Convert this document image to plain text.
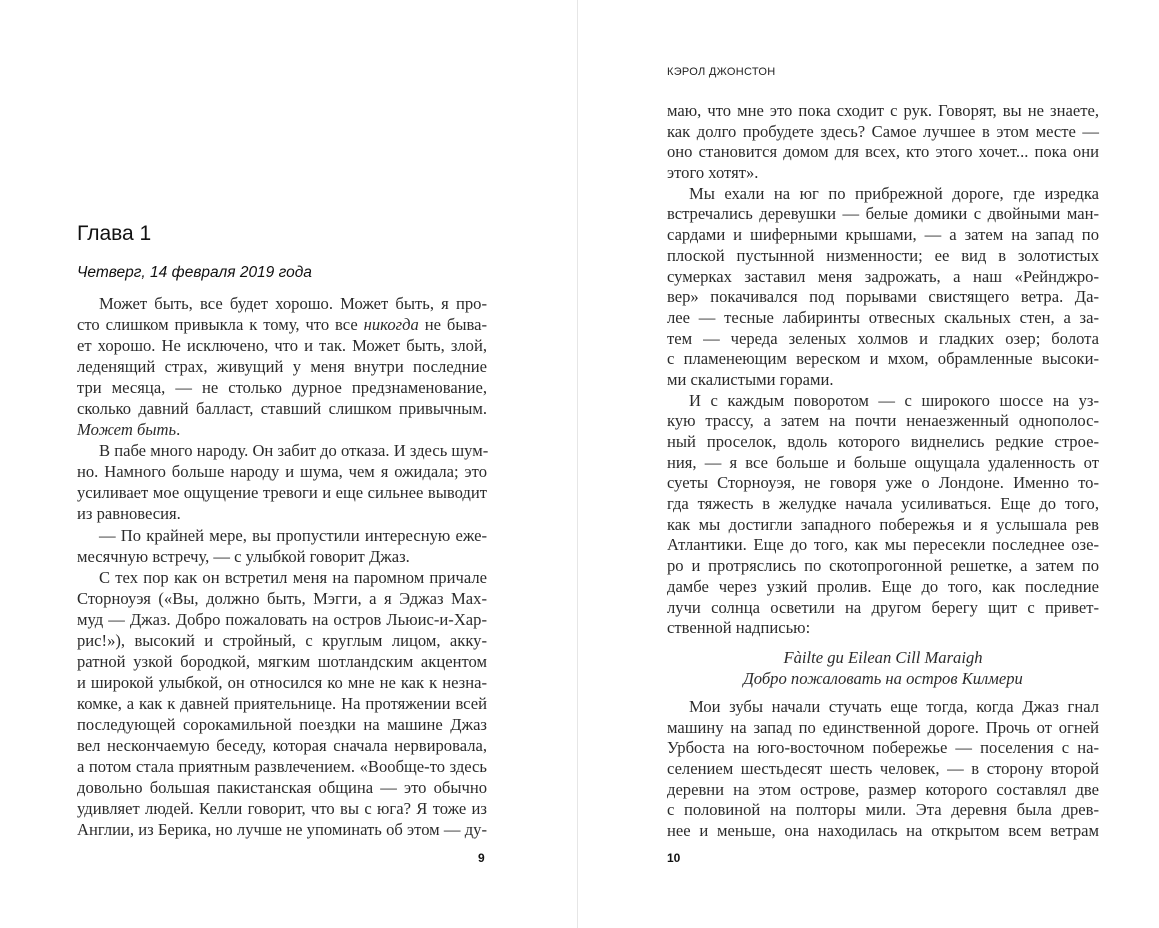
Глава 1
Четверг, 14 февраля 2019 года
Может быть, все будет хорошо. Может быть, я про-
сто слишком привыкла к тому, что все никогда не быва-
ет хорошо. Не исключено, что и так. Может быть, злой,
леденящий страх, живущий у меня внутри последние
три месяца, — не столько дурное предзнаменование,
сколько давний балласт, ставший слишком привычным.
Может быть.
В пабе много народу. Он забит до отказа. И здесь шум-
но. Намного больше народу и шума, чем я ожидала; это
усиливает мое ощущение тревоги и еще сильнее выводит
из равновесия.
— По крайней мере, вы пропустили интересную еже-
месячную встречу, — с улыбкой говорит Джаз.
С тех пор как он встретил меня на паромном причале
Сторноуэя («Вы, должно быть, Мэгги, а я Эджаз Мах-
муд — Джаз. Добро пожаловать на остров Льюис-и-Хар-
рис!»), высокий и стройный, с круглым лицом, акку-
ратной узкой бородкой, мягким шотландским акцентом
и широкой улыбкой, он относился ко мне не как к незна-
комке, а как к давней приятельнице. На протяжении всей
последующей сорокамильной поездки на машине Джаз
вел нескончаемую беседу, которая сначала нервировала,
а потом стала приятным развлечением. «Вообще-то здесь
довольно большая пакистанская община — это обычно
удивляет людей. Келли говорит, что вы с юга? Я тоже из
Англии, из Берика, но лучше не упоминать об этом — ду-
9
КЭРОЛ ДЖОНСТОН
маю, что мне это пока сходит с рук. Говорят, вы не знаете,
как долго пробудете здесь? Самое лучшее в этом месте —
оно становится домом для всех, кто этого хочет... пока они
этого хотят».
Мы ехали на юг по прибрежной дороге, где изредка
встречались деревушки — белые домики с двойными ман-
сардами и шиферными крышами, — а затем на запад по
плоской пустынной низменности; ее вид в золотистых
сумерках заставил меня задрожать, а наш «Рейнджро-
вер» покачивался под порывами свистящего ветра. Да-
лее — тесные лабиринты отвесных скальных стен, а за-
тем — череда зеленых холмов и гладких озер; болота
с пламенеющим вереском и мхом, обрамленные высоки-
ми скалистыми горами.
И с каждым поворотом — с широкого шоссе на уз-
кую трассу, а затем на почти ненаезженный однополос-
ный проселок, вдоль которого виднелись редкие строе-
ния, — я все больше и больше ощущала удаленность от
суеты Сторноуэя, не говоря уже о Лондоне. Именно то-
гда тяжесть в желудке начала усиливаться. Еще до того,
как мы достигли западного побережья и я услышала рев
Атлантики. Еще до того, как мы пересекли последнее озе-
ро и протряслись по скотопрогонной решетке, а затем по
дамбе через узкий пролив. Еще до того, как последние
лучи солнца осветили на другом берегу щит с привет-
ственной надписью:
Fàilte gu Eilean Cill Maraigh
Добро пожаловать на остров Килмери
Мои зубы начали стучать еще тогда, когда Джаз гнал
машину на запад по единственной дороге. Прочь от огней
Урбоста на юго-восточном побережье — поселения с на-
селением шестьдесят шесть человек, — в сторону второй
деревни на этом острове, размер которого составлял две
с половиной на полторы мили. Эта деревня была древ-
нее и меньше, она находилась на открытом всем ветрам
10
